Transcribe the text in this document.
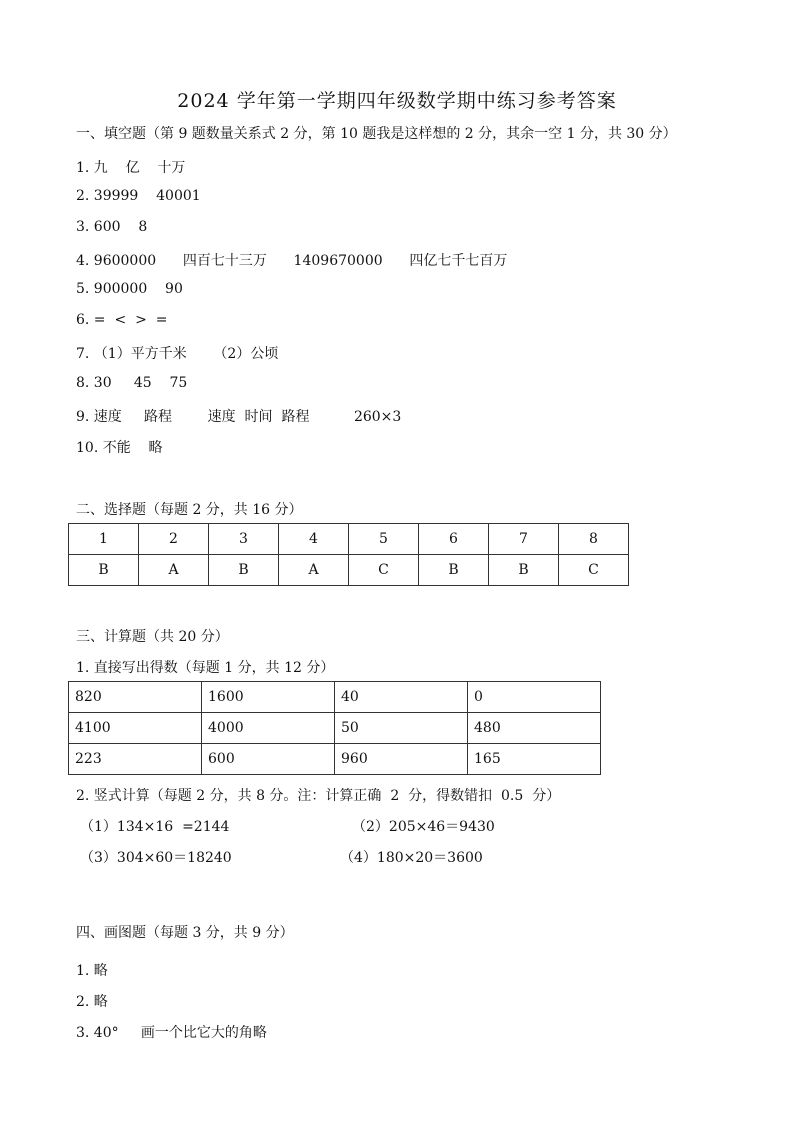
2024 学年第一学期四年级数学期中练习参考答案
一、填空题（第 9 题数量关系式 2 分，第 10 题我是这样想的 2 分，其余一空 1 分，共 30 分）
1. 九    亿    十万
2. 39999    40001
3. 600    8
4. 9600000      四百七十三万      1409670000      四亿七千七百万
5. 900000    90
6. =  <  >  =
7. （1）平方千米      （2）公顷
8. 30     45    75
9. 速度     路程        速度  时间  路程          260×3
10. 不能    略
二、选择题（每题 2 分，共 16 分）
1	2	3	4	5	6	7	8
B	A	B	A	C	B	B	C
三、计算题（共 20 分）
1. 直接写出得数（每题 1 分，共 12 分）
820	1600	40	0
4100	4000	50	480
223	600	960	165
2. 竖式计算（每题 2 分，共 8 分。注：计算正确  2  分，得数错扣  0.5  分）
（1）134×16  =2144	（2）205×46＝9430
（3）304×60＝18240	（4）180×20＝3600
四、画图题（每题 3 分，共 9 分）
1. 略
2. 略
3. 40°     画一个比它大的角略
